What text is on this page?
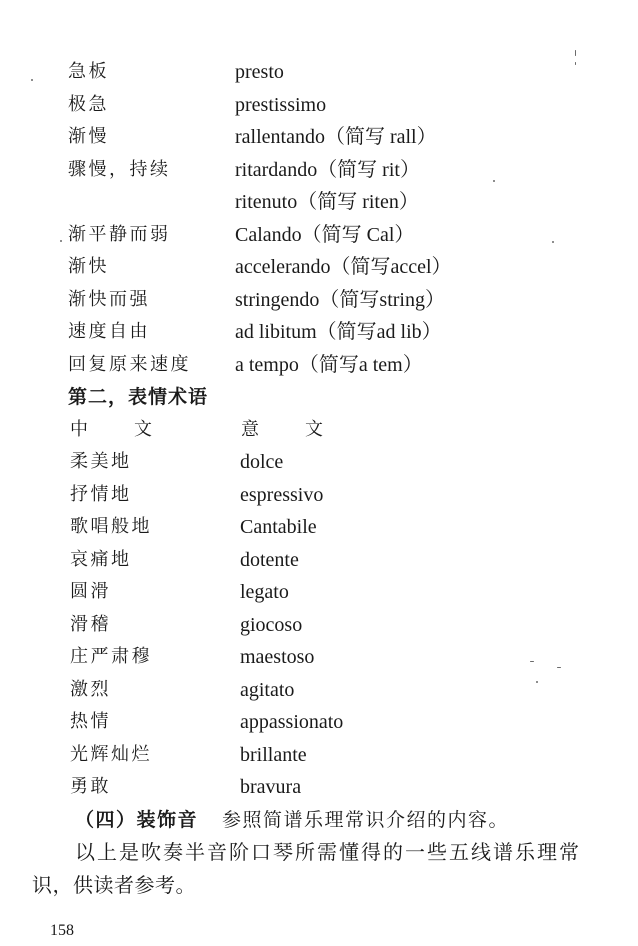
急板	presto
极急	prestissimo
渐慢	rallentando（简写 rall）
骤慢，持续	ritardando（简写 rit）
ritenuto（简写 riten）
渐平静而弱	Calando（简写 Cal）
渐快	accelerando（简写accel）
渐快而强	stringendo（简写string）
速度自由	ad libitum（简写ad lib）
回复原来速度 a tempo（简写a tem）
第二，表情术语
中	文	意	文
柔美地	dolce
抒情地	espressivo
歌唱般地	Cantabile
哀痛地	dotente
圆滑	legato
滑稽	giocoso
庄严肃穆	maestoso
激烈	agitato
热情	appassionato
光辉灿烂	brillante
勇敢	bravura
（四）装饰音 参照简谱乐理常识介绍的内容。
以上是吹奏半音阶口琴所需懂得的一些五线谱乐理常
识，供读者参考。
158
